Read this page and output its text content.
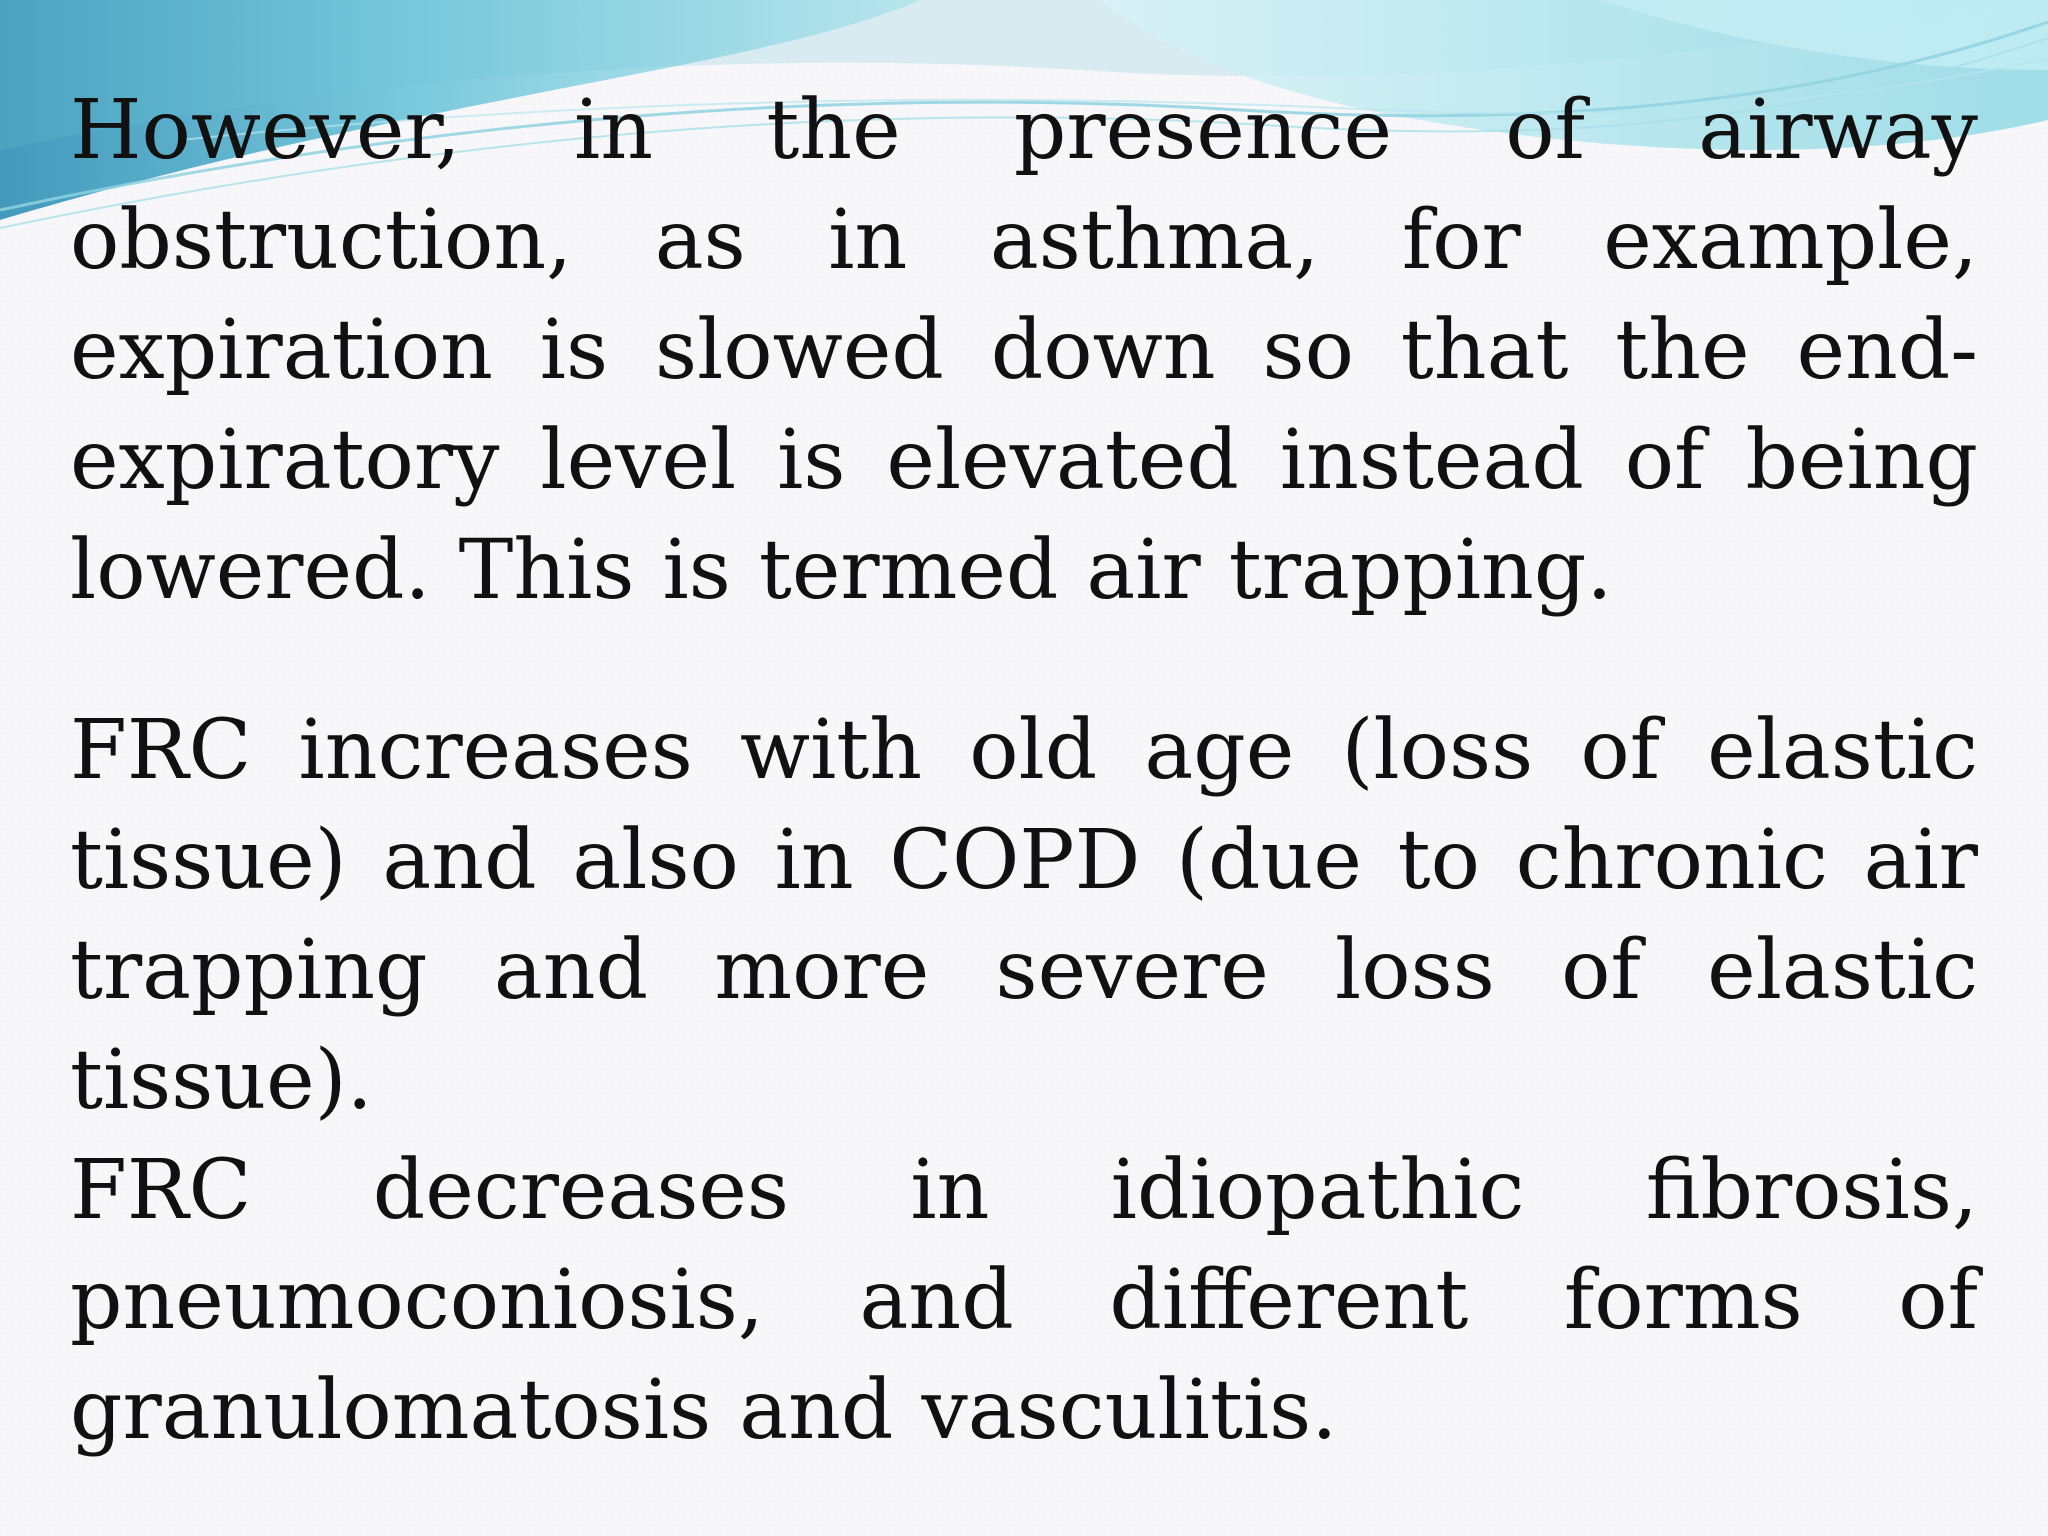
However, in the presence of airway obstruction, as in asthma, for example, expiration is slowed down so that the end-expiratory level is elevated instead of being lowered. This is termed air trapping.
FRC increases with old age (loss of elastic tissue) and also in COPD (due to chronic air trapping and more severe loss of elastic tissue).
FRC decreases in idiopathic fibrosis, pneumoconiosis, and different forms of granulomatosis and vasculitis.
